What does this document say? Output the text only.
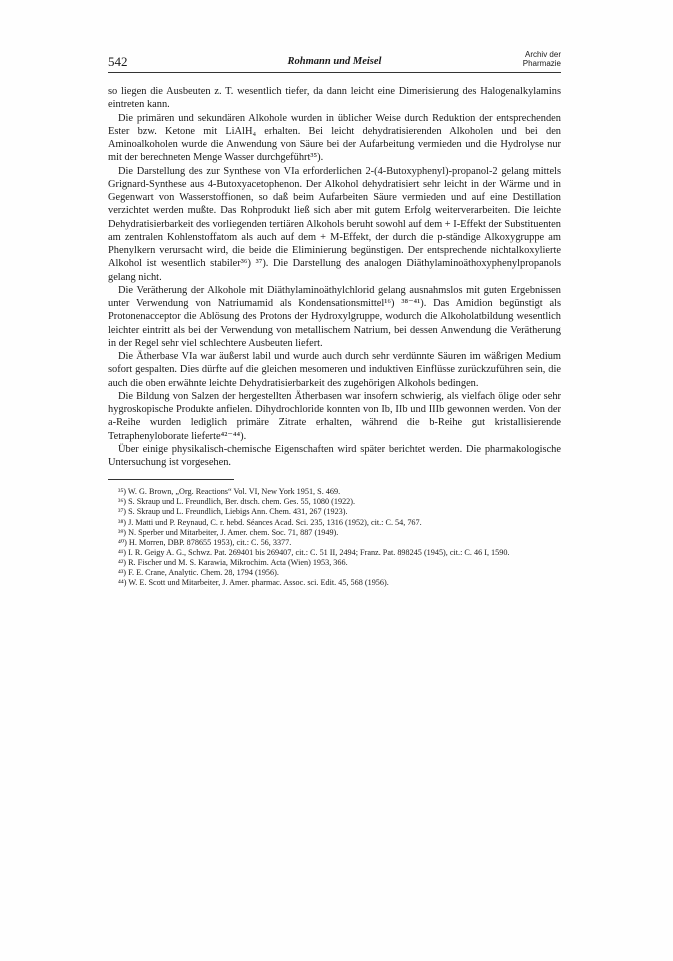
542	Rohmann und Meisel
Archiv der
Pharmazie

so liegen die Ausbeuten z. T. wesentlich tiefer, da dann leicht eine Dimerisierung des Halogenalkylamins eintreten kann.

Die primären und sekundären Alkohole wurden in üblicher Weise durch Reduktion der entsprechenden Ester bzw. Ketone mit LiAlH₄ erhalten. Bei leicht dehydratisierenden Alkoholen und bei den Aminoalkoholen wurde die Anwendung von Säure bei der Aufarbeitung vermieden und die Hydrolyse nur mit der berechneten Menge Wasser durchgeführt³⁵).

Die Darstellung des zur Synthese von VIa erforderlichen 2-(4-Butoxyphenyl)-propanol-2 gelang mittels Grignard-Synthese aus 4-Butoxyacetophenon. Der Alkohol dehydratisiert sehr leicht in der Wärme und in Gegenwart von Wasserstoffionen, so daß beim Aufarbeiten Säure vermieden und auf eine Destillation verzichtet werden mußte. Das Rohprodukt ließ sich aber mit gutem Erfolg weiterverarbeiten. Die leichte Dehydratisierbarkeit des vorliegenden tertiären Alkohols beruht sowohl auf dem + I-Effekt der Substituenten am zentralen Kohlenstoffatom als auch auf dem + M-Effekt, der durch die p-ständige Alkoxygruppe am Phenylkern verursacht wird, die beide die Eliminierung begünstigen. Der entsprechende nichtalkoxylierte Alkohol ist wesentlich stabiler³⁶) ³⁷). Die Darstellung des analogen Diäthylaminoäthoxyphenylpropanols gelang nicht.

Die Verätherung der Alkohole mit Diäthylaminoäthylchlorid gelang ausnahmslos mit guten Ergebnissen unter Verwendung von Natriumamid als Kondensationsmittel¹⁶) ³⁸⁻⁴¹). Das Amidion begünstigt als Protonenacceptor die Ablösung des Protons der Hydroxylgruppe, wodurch die Alkoholatbildung wesentlich leichter eintritt als bei der Verwendung von metallischem Natrium, bei dessen Anwendung die Verätherung in der Regel sehr viel schlechtere Ausbeuten liefert.

Die Ätherbase VIa war äußerst labil und wurde auch durch sehr verdünnte Säuren im wäßrigen Medium sofort gespalten. Dies dürfte auf die gleichen mesomeren und induktiven Einflüsse zurückzuführen sein, die auch die oben erwähnte leichte Dehydratisierbarkeit des zugehörigen Alkohols bedingen.

Die Bildung von Salzen der hergestellten Ätherbasen war insofern schwierig, als vielfach ölige oder sehr hygroskopische Produkte anfielen. Dihydrochloride konnten von Ib, IIb und IIIb gewonnen werden. Von der a-Reihe wurden lediglich primäre Zitrate erhalten, während die b-Reihe gut kristallisierende Tetraphenyloborate lieferte⁴²⁻⁴⁴).

Über einige physikalisch-chemische Eigenschaften wird später berichtet werden. Die pharmakologische Untersuchung ist vorgesehen.

³⁵) W. G. Brown, „Org. Reactions“ Vol. VI, New York 1951, S. 469.
³⁶) S. Skraup und L. Freundlich, Ber. dtsch. chem. Ges. 55, 1080 (1922).
³⁷) S. Skraup und L. Freundlich, Liebigs Ann. Chem. 431, 267 (1923).
³⁸) J. Matti und P. Reynaud, C. r. hebd. Séances Acad. Sci. 235, 1316 (1952), cit.: C. 54, 767.
³⁹) N. Sperber und Mitarbeiter, J. Amer. chem. Soc. 71, 887 (1949).
⁴⁰) H. Morren, DBP. 878655 1953), cit.: C. 56, 3377.
⁴¹) I. R. Geigy A. G., Schwz. Pat. 269401 bis 269407, cit.: C. 51 II, 2494; Franz. Pat. 898245 (1945), cit.: C. 46 I, 1590.
⁴²) R. Fischer und M. S. Karawia, Mikrochim. Acta (Wien) 1953, 366.
⁴³) F. E. Crane, Analytic. Chem. 28, 1794 (1956).
⁴⁴) W. E. Scott und Mitarbeiter, J. Amer. pharmac. Assoc. sci. Edit. 45, 568 (1956).
